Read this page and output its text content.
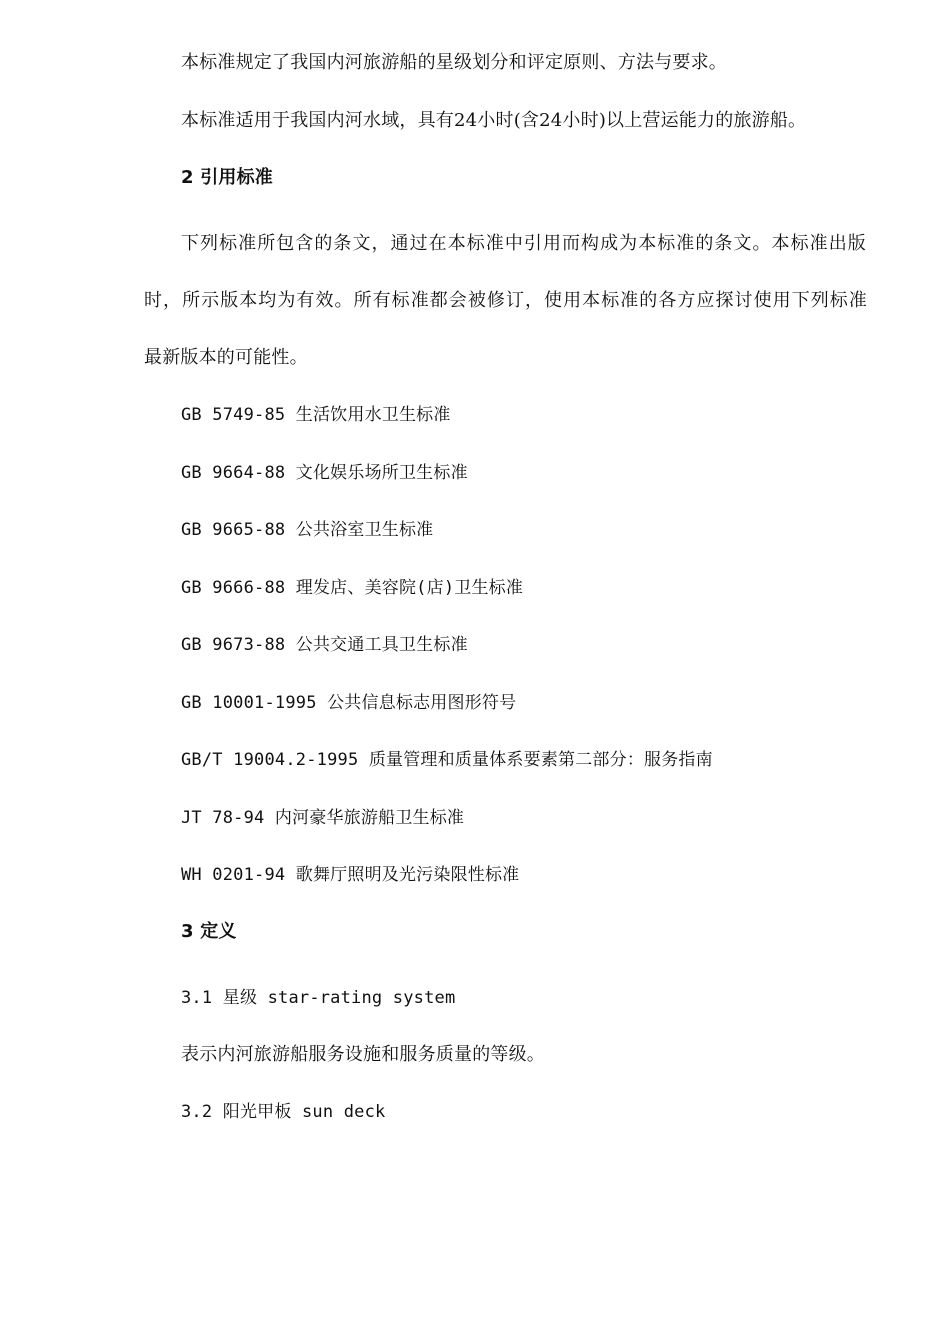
本标准规定了我国内河旅游船的星级划分和评定原则、方法与要求。
本标准适用于我国内河水域，具有24小时(含24小时)以上营运能力的旅游船。
2 引用标准
下列标准所包含的条文，通过在本标准中引用而构成为本标准的条文。本标准出版
时，所示版本均为有效。所有标准都会被修订，使用本标准的各方应探讨使用下列标准
最新版本的可能性。
GB 5749-85 生活饮用水卫生标准
GB 9664-88 文化娱乐场所卫生标准
GB 9665-88 公共浴室卫生标准
GB 9666-88 理发店、美容院(店)卫生标准
GB 9673-88 公共交通工具卫生标准
GB 10001-1995 公共信息标志用图形符号
GB/T 19004.2-1995 质量管理和质量体系要素第二部分：服务指南
JT 78-94 内河豪华旅游船卫生标准
WH 0201-94 歌舞厅照明及光污染限性标准
3 定义
3.1 星级 star-rating system
表示内河旅游船服务设施和服务质量的等级。
3.2 阳光甲板 sun deck
